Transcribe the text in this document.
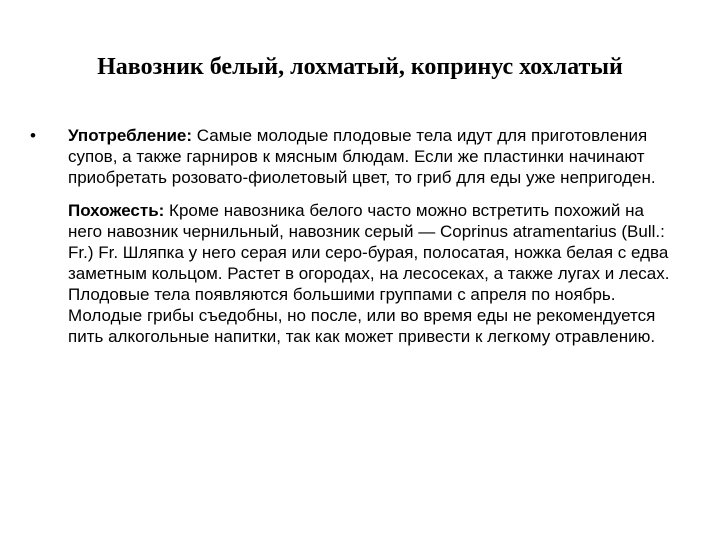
Навозник белый, лохматый, копринус хохлатый
•	Употребление: Самые молодые плодовые тела идут для приготовления супов, а также гарниров к мясным блюдам. Если же пластинки начинают приобретать розовато-фиолетовый цвет, то гриб для еды уже непригоден.

Похожесть: Кроме навозника белого часто можно встретить похожий на него навозник чернильный, навозник серый — Coprinus atramentarius (Bull.: Fr.) Fr. Шляпка у него серая или серо-бурая, полосатая, ножка белая с едва заметным кольцом. Растет в огородах, на лесосеках, а также лугах и лесах. Плодовые тела появляются большими группами с апреля по ноябрь. Молодые грибы съедобны, но после, или во время еды не рекомендуется пить алкогольные напитки, так как может привести к легкому отравлению.
